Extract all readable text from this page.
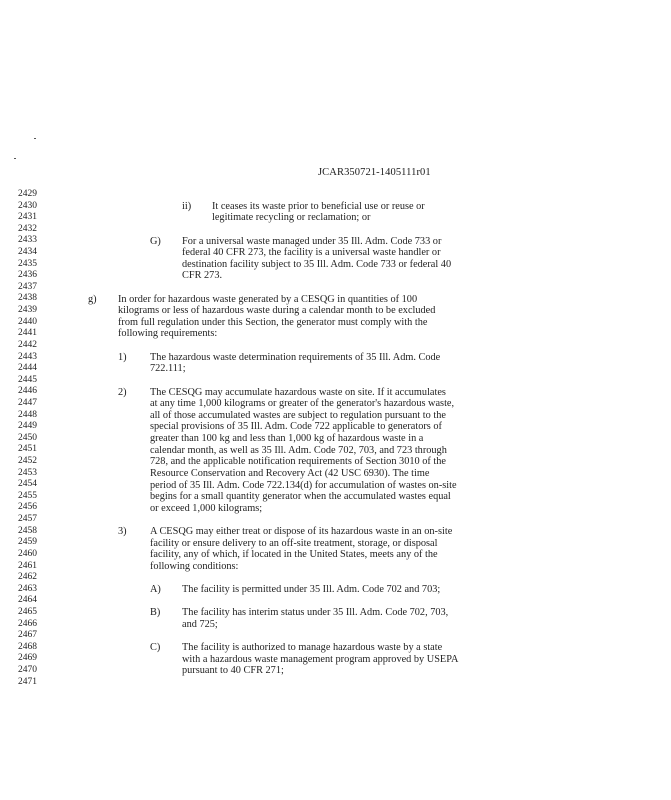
JCAR350721-1405111r01
2429
2430
2431
2432
2433
2434
2435
2436
2437
2438
2439
2440
2441
2442
2443
2444
2445
2446
2447
2448
2449
2450
2451
2452
2453
2454
2455
2456
2457
2458
2459
2460
2461
2462
2463
2464
2465
2466
2467
2468
2469
2470
2471
ii) It ceases its waste prior to beneficial use or reuse or
legitimate recycling or reclamation; or
G) For a universal waste managed under 35 Ill. Adm. Code 733 or
federal 40 CFR 273, the facility is a universal waste handler or
destination facility subject to 35 Ill. Adm. Code 733 or federal 40
CFR 273.
g) In order for hazardous waste generated by a CESQG in quantities of 100
kilograms or less of hazardous waste during a calendar month to be excluded
from full regulation under this Section, the generator must comply with the
following requirements:
1) The hazardous waste determination requirements of 35 Ill. Adm. Code
722.111;
2) The CESQG may accumulate hazardous waste on site. If it accumulates
at any time 1,000 kilograms or greater of the generator's hazardous waste,
all of those accumulated wastes are subject to regulation pursuant to the
special provisions of 35 Ill. Adm. Code 722 applicable to generators of
greater than 100 kg and less than 1,000 kg of hazardous waste in a
calendar month, as well as 35 Ill. Adm. Code 702, 703, and 723 through
728, and the applicable notification requirements of Section 3010 of the
Resource Conservation and Recovery Act (42 USC 6930). The time
period of 35 Ill. Adm. Code 722.134(d) for accumulation of wastes on-site
begins for a small quantity generator when the accumulated wastes equal
or exceed 1,000 kilograms;
3) A CESQG may either treat or dispose of its hazardous waste in an on-site
facility or ensure delivery to an off-site treatment, storage, or disposal
facility, any of which, if located in the United States, meets any of the
following conditions:
A) The facility is permitted under 35 Ill. Adm. Code 702 and 703;
B) The facility has interim status under 35 Ill. Adm. Code 702, 703,
and 725;
C) The facility is authorized to manage hazardous waste by a state
with a hazardous waste management program approved by USEPA
pursuant to 40 CFR 271;
